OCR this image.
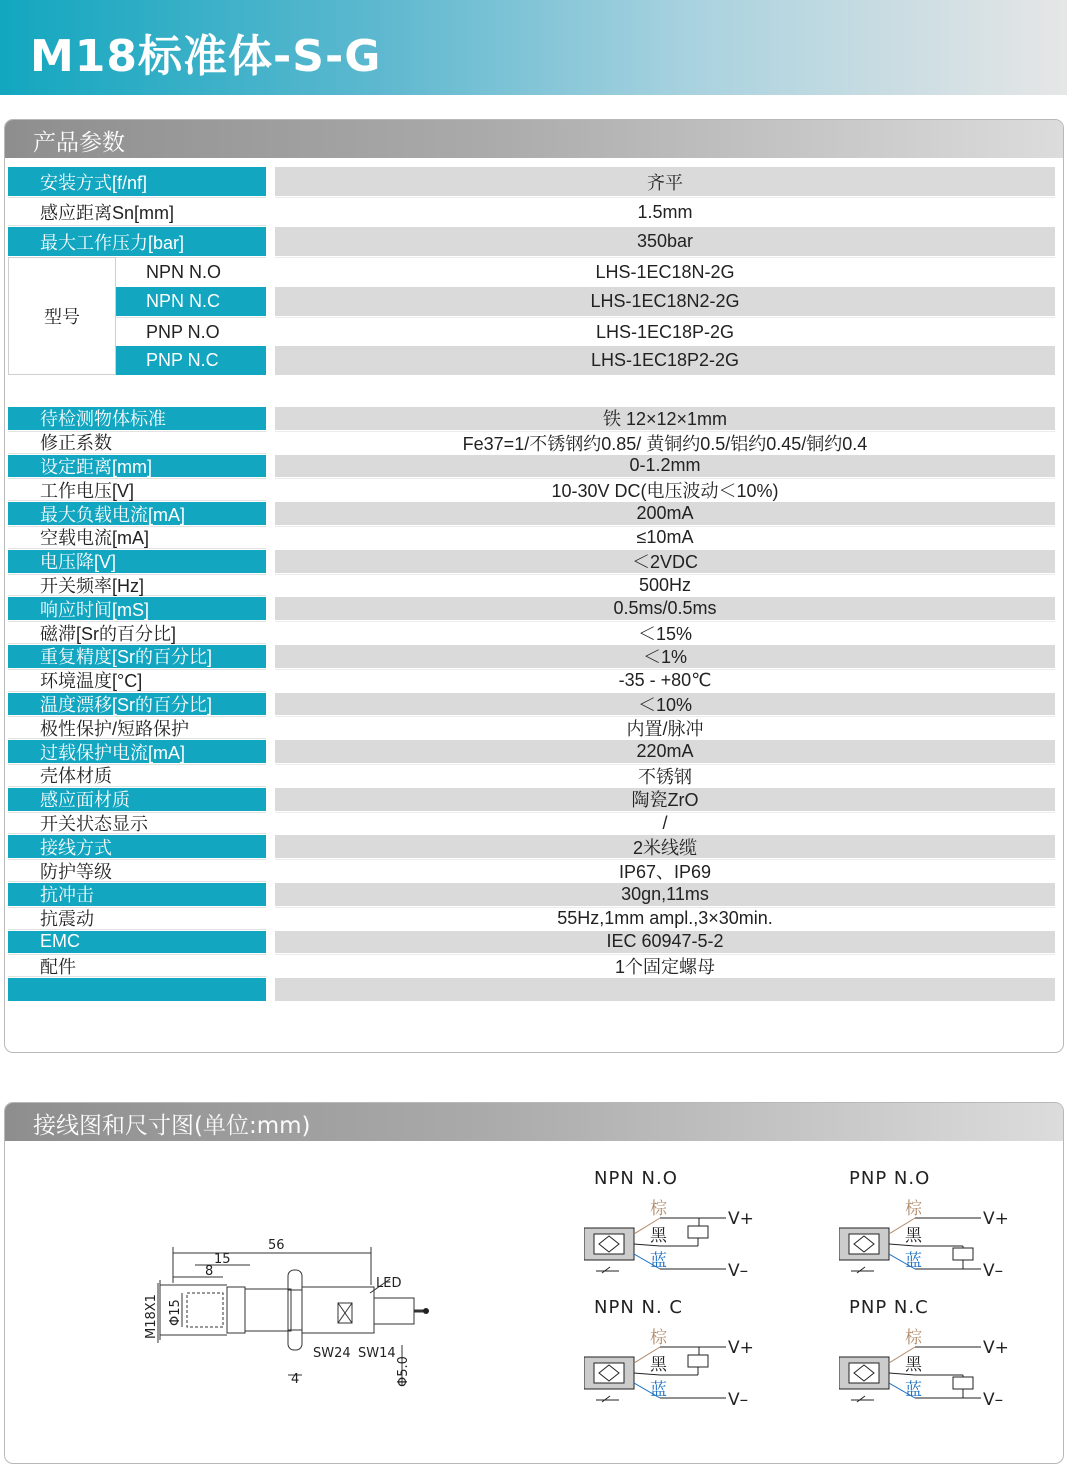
M18标准体-S-G
产品参数
安装方式[f/nf]	齐平
感应距离Sn[mm]	1.5mm
最大工作压力[bar]	350bar
型号
NPN N.O	LHS-1EC18N-2G
NPN N.C	LHS-1EC18N2-2G
PNP N.O	LHS-1EC18P-2G
PNP N.C	LHS-1EC18P2-2G
待检测物体标准	铁 12×12×1mm
修正系数	Fe37=1/不锈钢约0.85/ 黄铜约0.5/铝约0.45/铜约0.4
设定距离[mm]	0-1.2mm
工作电压[V]	10-30V DC(电压波动＜10%)
最大负载电流[mA]	200mA
空载电流[mA]	≤10mA
电压降[V]	＜2VDC
开关频率[Hz]	500Hz
响应时间[mS]	0.5ms/0.5ms
磁滞[Sr的百分比]	＜15%
重复精度[Sr的百分比]	＜1%
环境温度[°C]	-35 - +80℃
温度漂移[Sr的百分比]	＜10%
极性保护/短路保护	内置/脉冲
过载保护电流[mA]	220mA
壳体材质	不锈钢
感应面材质	陶瓷ZrO
开关状态显示	/
接线方式	2米线缆
防护等级	IP67、IP69
抗冲击	30gn,11ms
抗震动	55Hz,1mm ampl.,3×30min.
EMC	IEC 60947-5-2
配件	1个固定螺母
接线图和尺寸图(单位:mm)
56
15
8
LED
M18X1 Φ15
SW24 SW14
4	Φ5.0
NPN N.O
棕
黑
蓝
V+
V–
PNP N.O
棕
黑
蓝
V+
V–
NPN N. C
棕
黑
蓝
V+
V–
PNP N.C
棕
黑
蓝
V+
V–
